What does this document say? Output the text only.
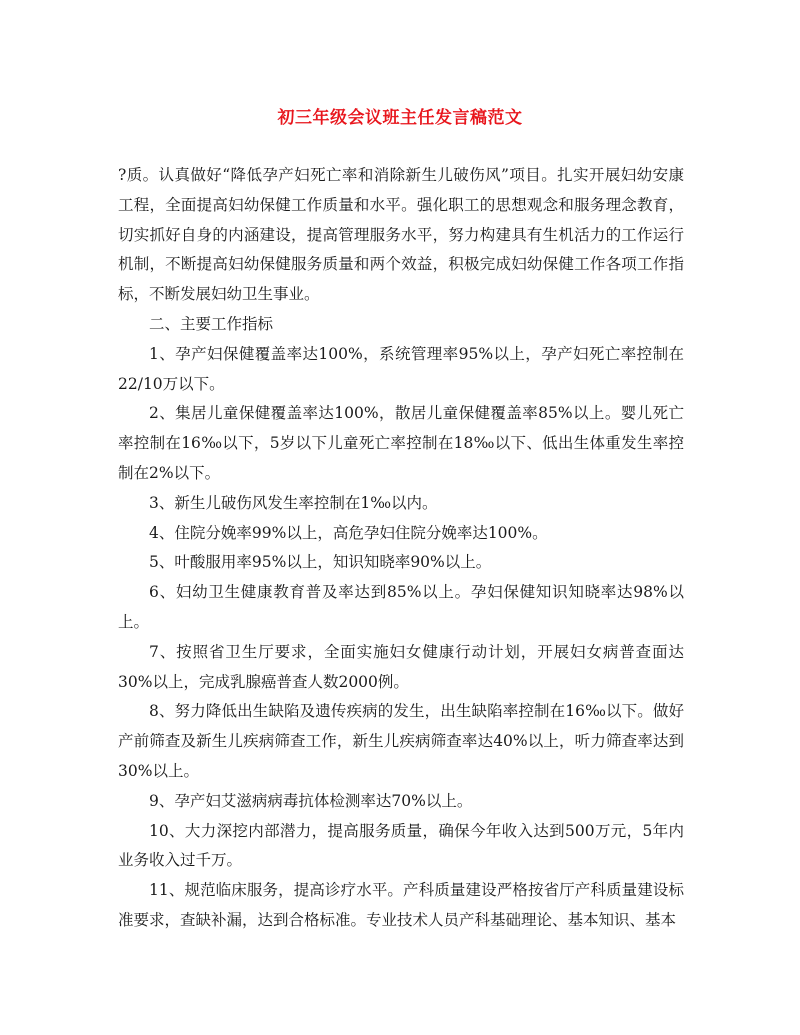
初三年级会议班主任发言稿范文

?质。认真做好“降低孕产妇死亡率和消除新生儿破伤风”项目。扎实开展妇幼安康工程，全面提高妇幼保健工作质量和水平。强化职工的思想观念和服务理念教育，切实抓好自身的内涵建设，提高管理服务水平，努力构建具有生机活力的工作运行机制，不断提高妇幼保健服务质量和两个效益，积极完成妇幼保健工作各项工作指标，不断发展妇幼卫生事业。

二、主要工作指标

1、孕产妇保健覆盖率达100%，系统管理率95%以上，孕产妇死亡率控制在22/10万以下。

2、集居儿童保健覆盖率达100%，散居儿童保健覆盖率85%以上。婴儿死亡率控制在16‰以下，5岁以下儿童死亡率控制在18‰以下、低出生体重发生率控制在2%以下。

3、新生儿破伤风发生率控制在1‰以内。

4、住院分娩率99%以上，高危孕妇住院分娩率达100%。

5、叶酸服用率95%以上，知识知晓率90%以上。

6、妇幼卫生健康教育普及率达到85%以上。孕妇保健知识知晓率达98%以上。

7、按照省卫生厅要求，全面实施妇女健康行动计划，开展妇女病普查面达30%以上，完成乳腺癌普查人数2000例。

8、努力降低出生缺陷及遗传疾病的发生，出生缺陷率控制在16‰以下。做好产前筛查及新生儿疾病筛查工作，新生儿疾病筛查率达40%以上，听力筛查率达到30%以上。

9、孕产妇艾滋病病毒抗体检测率达70%以上。

10、大力深挖内部潜力，提高服务质量，确保今年收入达到500万元，5年内业务收入过千万。

11、规范临床服务，提高诊疗水平。产科质量建设严格按省厅产科质量建设标准要求，查缺补漏，达到合格标准。专业技术人员产科基础理论、基本知识、基本
